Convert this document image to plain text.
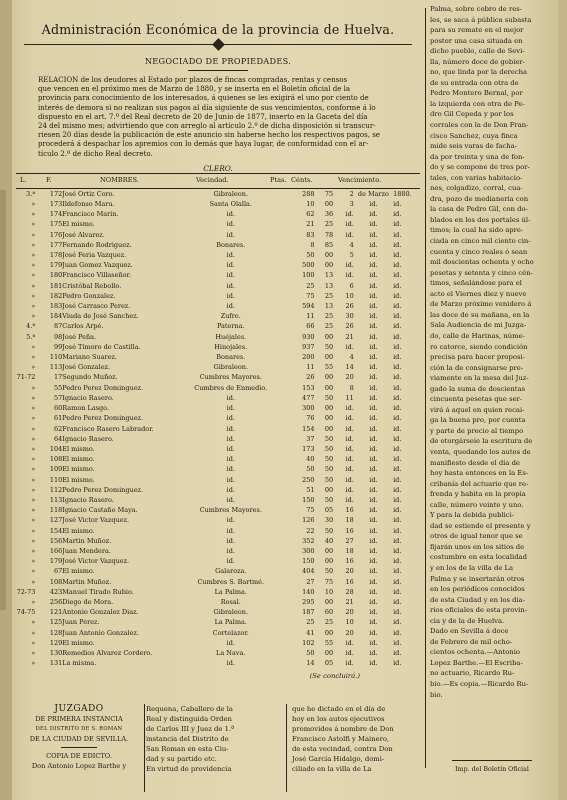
Administración Económica de la provincia de Huelva.
NEGOCIADO DE PROPIEDADES.
RELACION de los deudores al Estado por plazos de fincas compradas, rentas y censos
que vencen en el próximo mes de Marzo de 1880, y se inserta en el Boletín oficial de la
provincia para conocimiento de los interesados, á quienes se les exigirá el uno por ciento de
interés de demora si no realizan sus pagos al día siguiente de sus vencimientos, conforme á lo
dispuesto en el art. 7.º del Real decreto de 20 de Junio de 1877, inserto en la Gaceta del día
24 del mismo mes; advirtiendo que con arreglo al artículo 2.º de dicha disposición si transcur-
riesen 20 días desde la publicación de este anuncio sin haberse hecho los respectivos pagos, se
procederá á despachar los apremios con lo demás que haya lugar, de conformidad con el ar-
tículo 2.º de dicho Real decreto.
CLERO.
L.	F.	NOMBRES.	Vecindad.	Ptas. Cénts.	Vencimiento.
3.ª	172	José Ortiz Coro.	Gibraleon.	288	75	2	de Marzo	1880.
»	173	Ildefonso Maru.	Santa Olalla.	10	00	3	id.	id.
»	174	Francisco Marin.	id.	62	36	id.	id.	id.
»	175	El mismo.	id.	21	25	id.	id.	id.
»	176	José Alvarez.	id.	83	78	id.	id.	id.
»	177	Fernando Rodriguez.	Bonares.	8	85	4	id.	id.
»	178	José Feria Vazquez.	id.	50	00	5	id.	id.
»	179	Juan Gomez Vazquez.	id.	500	00	id.	id.	id.
»	180	Francisco Villaseñor.	id.	100	13	id.	id.	id.
»	181	Cristóbal Rebollo.	id.	25	13	6	id.	id.
»	182	Pedro Gonzalez.	id.	75	25	10	id.	id.
»	183	José Carrasco Perez.	id.	594	13	26	id.	id.
»	184	Viuda de José Sanchez.	Zufre.	11	25	30	id.	id.
4.ª	87	Carlos Arpé.	Paterna.	66	25	26	id.	id.
5.ª	98	José Peña.	Huéjales.	930	00	21	id.	id.
»	99	José Timoro de Castilla.	Hinojales.	937	50	id.	id.	id.
»	110	Mariano Suarez.	Bonares.	200	00	4	id.	id.
»	113	José Gonzalez.	Gibraleon.	11	55	14	id.	id.
71-72	17	Segundo Muñoz.	Cumbres Mayores.	26	00	20	id.	id.
»	55	Pedro Perez Dominguez.	Cumbres de Enmedio.	153	00	8	id.	id.
»	57	Ignacio Rasero.	id.	477	50	11	id.	id.
»	60	Ramon Lasgo.	id.	300	00	id.	id.	id.
»	61	Pedro Perez Dominguez.	id.	76	00	id.	id.	id.
»	62	Francisco Rasero Labrador.	id.	154	00	id.	id.	id.
»	64	Ignacio Rasero.	id.	37	50	id.	id.	id.
»	104	El mismo.	id.	173	50	id.	id.	id.
»	108	El mismo.	id.	40	50	id.	id.	id.
»	109	El mismo.	id.	50	50	id.	id.	id.
»	110	El mismo.	id.	250	50	id.	id.	id.
»	112	Pedro Perez Dominguez.	id.	51	00	id.	id.	id.
»	113	Ignacio Rasero.	id.	150	50	id.	id.	id.
»	118	Ignacio Castaño Maya.	Cumbres Mayores.	75	05	16	id.	id.
»	127	José Victor Vazquez.	id.	126	30	18	id.	id.
»	154	El mismo.	id.	22	50	16	id.	id.
»	156	Martin Muñoz.	id.	352	40	27	id.	id.
»	166	Juan Mendera.	id.	300	00	18	id.	id.
»	179	José Victor Vazquez.	id.	150	00	16	id.	id.
»	67	El mismo.	Galaroza.	404	50	20	id.	id.
»	108	Martin Muñoz.	Cumbres S. Bartmé.	27	75	16	id.	id.
72-73	423	Manuel Tirado Rubio.	La Palma.	140	10	28	id.	id.
»	256	Diego de Mora.	Rosal.	295	00	21	id.	id.
74-75	121	Antonio Gonzalez Diaz.	Gibraleon.	187	60	20	id.	id.
»	125	Juan Perez.	La Palma.	25	25	10	id.	id.
»	128	Juan Antonio Gonzalez.	Cortelazor.	41	00	20	id.	id.
»	129	El mismo.	id.	102	55	id.	id.	id.
»	130	Remedios Alvarez Cordero.	La Nava.	50	00	id.	id.	id.
»	131	La misma.	id.	14	05	id.	id.	id.
(Se concluirá.)
JUZGADO
DE PRIMERA INSTANCIA
DEL DISTRITO DE S. ROMAN
DE LA CIUDAD DE SEVILLA.
COPIA DE EDICTO.
Don Antonio Lopez Barthe y
Requena, Caballero de la
Real y distinguida Orden
de Carlos III y Juez de 1.ª
instancia del Distrito de
San Roman en esta Ciu-
dad y su partido etc.
En virtud de providencia
que he dictado en el día de
hoy en los autos ejecutivos
promovidos á nombre de Don
Francisco Astolfi y Mainero,
de esta vecindad, contra Don
José García Hidalgo, domi-
ciliado en la villa de La
Palma, sobre cobro de res-
les, se saca á pública subasta
para su remate en el mejor
postor una casa situada en
dicho pueblo, calle de Sevi-
lla, número doce de gobier-
no, que linda por la derecha
de su entrada con otra de
Pedro Montero Bernal, por
la izquierda con otra de Pe-
dro Gil Cepeda y por los
corrales con la de Don Fran-
cisco Sanchez, cuya finca
mide seis varas de facha-
da por treinta y una de fon-
do y se compone de tres por-
tales, con varias habitacio-
nes, colgadizo, corral, cua-
dra, pozo de medianería con
la casa de Pedro Gil, con do-
blados en los dos portales úl-
timos; la cual ha sido apre-
ciada en cinco mil ciento cin-
cuenta y cinco reales ó sean
mil doscientas ochenta y ocho
pesetas y setenta y cinco cén-
timos, señalándose para el
acto el Viernes diez y nueve
de Marzo próximo venidero á
las doce de su mañana, en la
Sala Audiencia de mi Juzga-
do, calle de Harinas, núme-
ro catorce, siendo condición
precisa para hacer proposi-
ción la de consignarse pre-
viamente en la mesa del Juz-
gado la suma de doscientas
cincuenta pesetas que ser-
virá á aquel en quien recai-
ga la buena pro, por cuenta
y parte de precio al tiempo
de otorgárseie la escritura de
venta, quedando los autos de
manifiesto desde el día de
hoy hasta entonces en la Es-
cribanía del actuario que re-
frenda y habita en la propia
calle, número veinte y uno.
Y para la debida publici-
dad se estiende el presente y
otros de igual tenor que se
fijarán unos en los sitios de
costumbre en esta localidad
y en los de la villa de La
Palma y se insertarán otros
en los periódicos conocidos
de esta Ciudad y en los dia-
rios oficiales de esta provin-
cia y de la de Huelva.
Dado en Sevilla á doce
de Febrero de mil ocho-
cientos ochenta.—Antonio
Lopez Barthe.—El Escriba-
no actuario, Ricardo Ru-
bio.—Es copia.—Ricardo Ru-
bio.
Imp. del Boletín Oficial
